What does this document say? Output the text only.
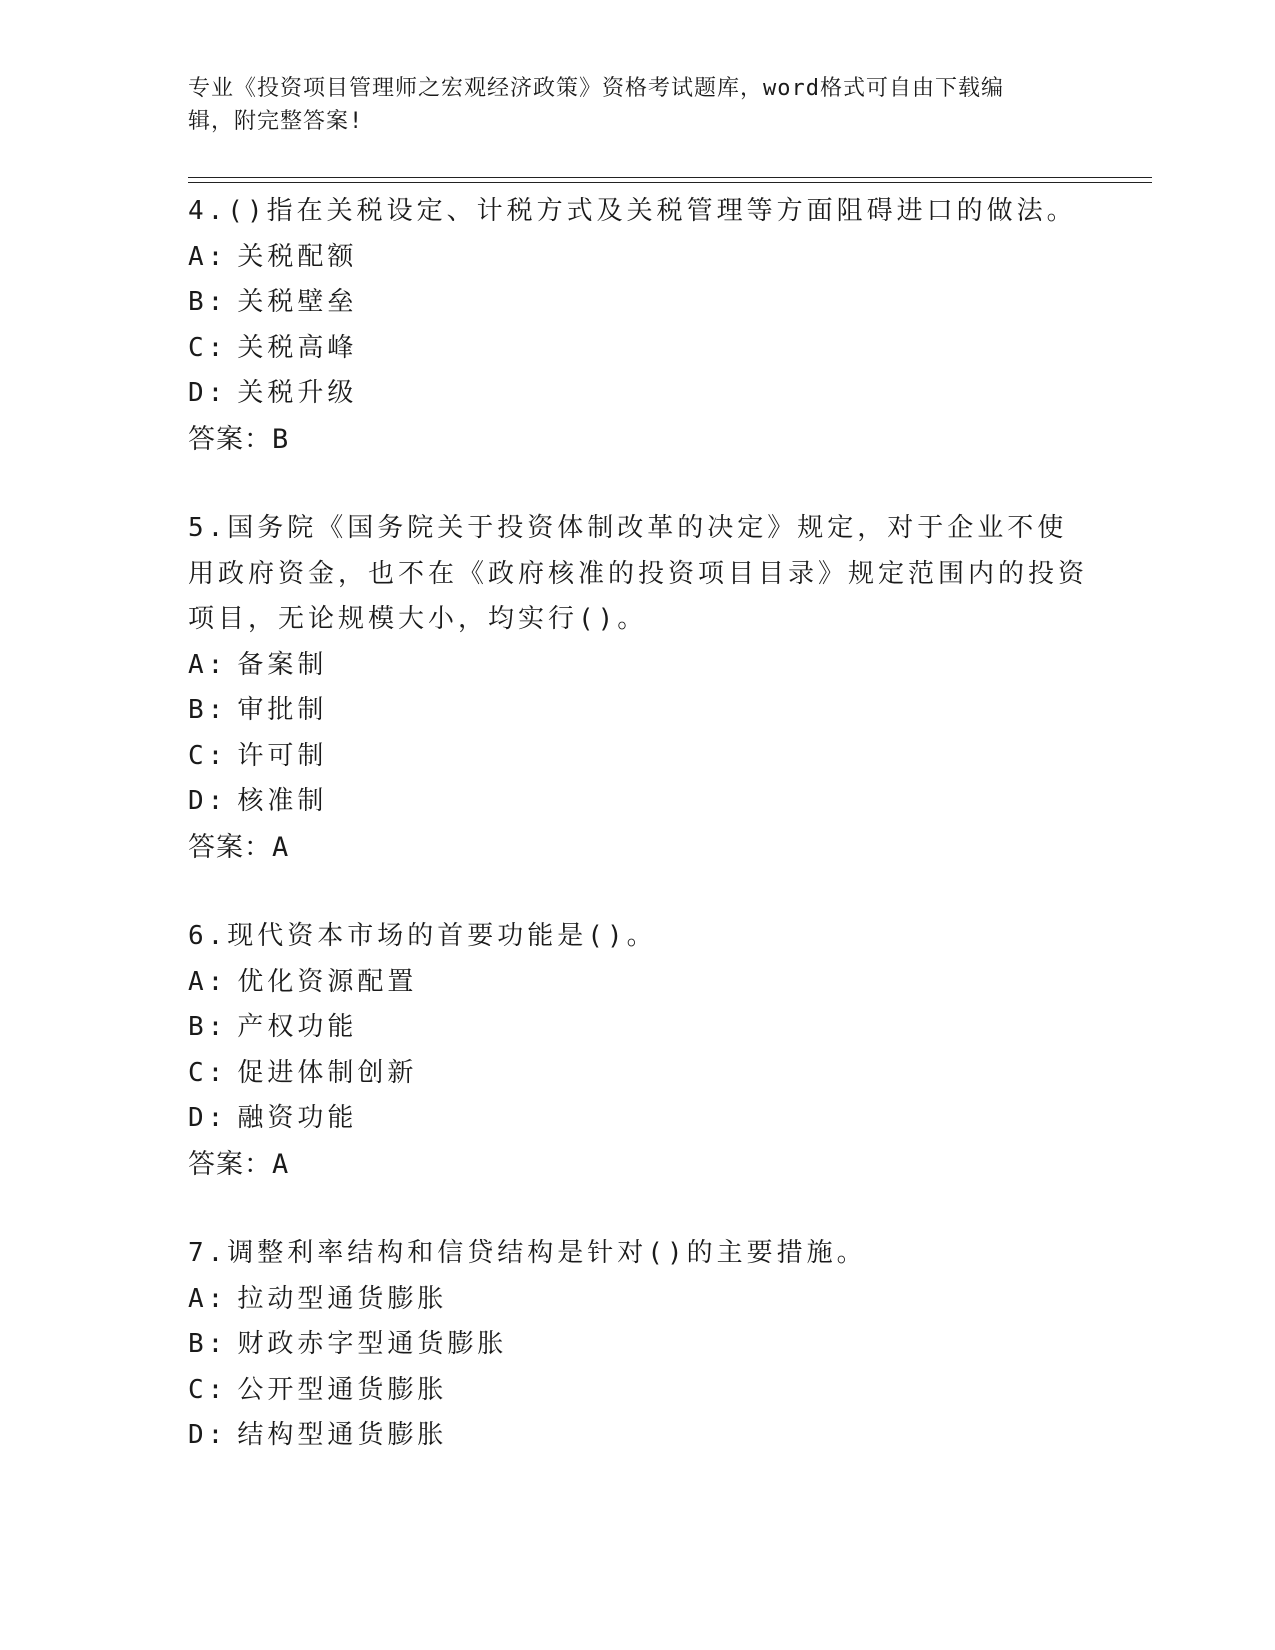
专业《投资项目管理师之宏观经济政策》资格考试题库，word格式可自由下载编
辑，附完整答案!
4.()指在关税设定、计税方式及关税管理等方面阻碍进口的做法。
A: 关税配额
B: 关税壁垒
C: 关税高峰
D: 关税升级
答案：B
5.国务院《国务院关于投资体制改革的决定》规定，对于企业不使用政府资金，也不在《政府核准的投资项目目录》规定范围内的投资项目，无论规模大小，均实行()。
A: 备案制
B: 审批制
C: 许可制
D: 核准制
答案：A
6.现代资本市场的首要功能是()。
A: 优化资源配置
B: 产权功能
C: 促进体制创新
D: 融资功能
答案：A
7.调整利率结构和信贷结构是针对()的主要措施。
A: 拉动型通货膨胀
B: 财政赤字型通货膨胀
C: 公开型通货膨胀
D: 结构型通货膨胀
